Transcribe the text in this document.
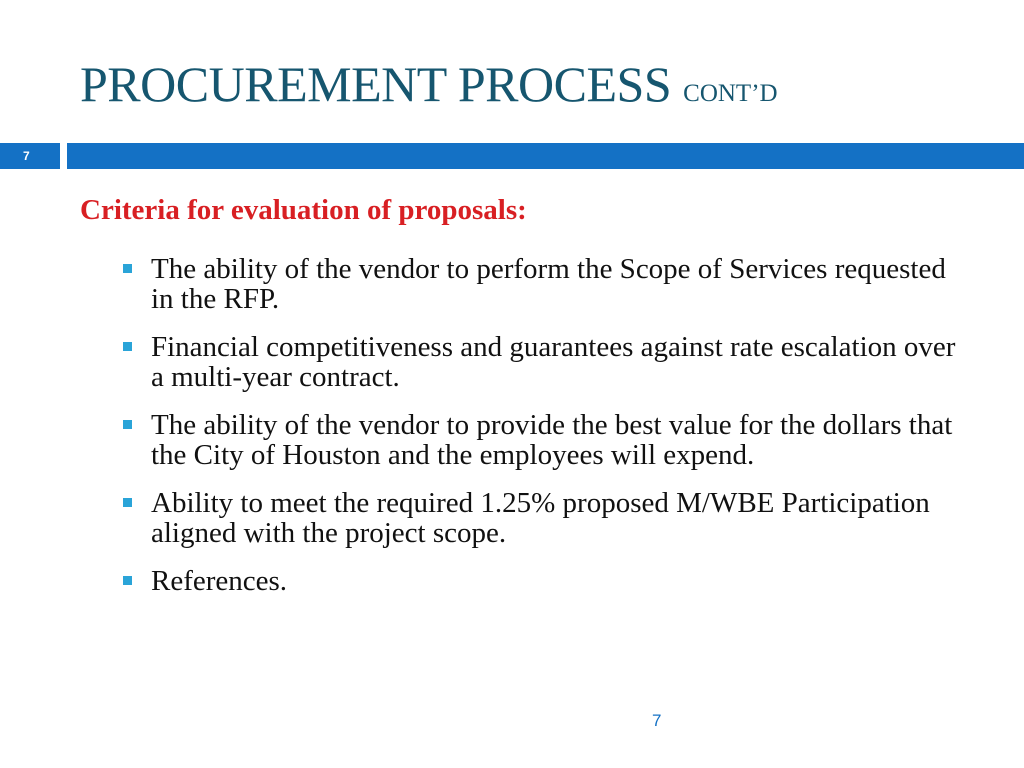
PROCUREMENT PROCESS CONT’D
7
Criteria for evaluation of proposals:
The ability of the vendor to perform the Scope of Services requested in the RFP.
Financial competitiveness and guarantees against rate escalation over a multi-year contract.
The ability of the vendor to provide the best value for the dollars that the City of Houston and the employees will expend.
Ability to meet the required 1.25% proposed M/WBE Participation aligned with the project scope.
References.
7
